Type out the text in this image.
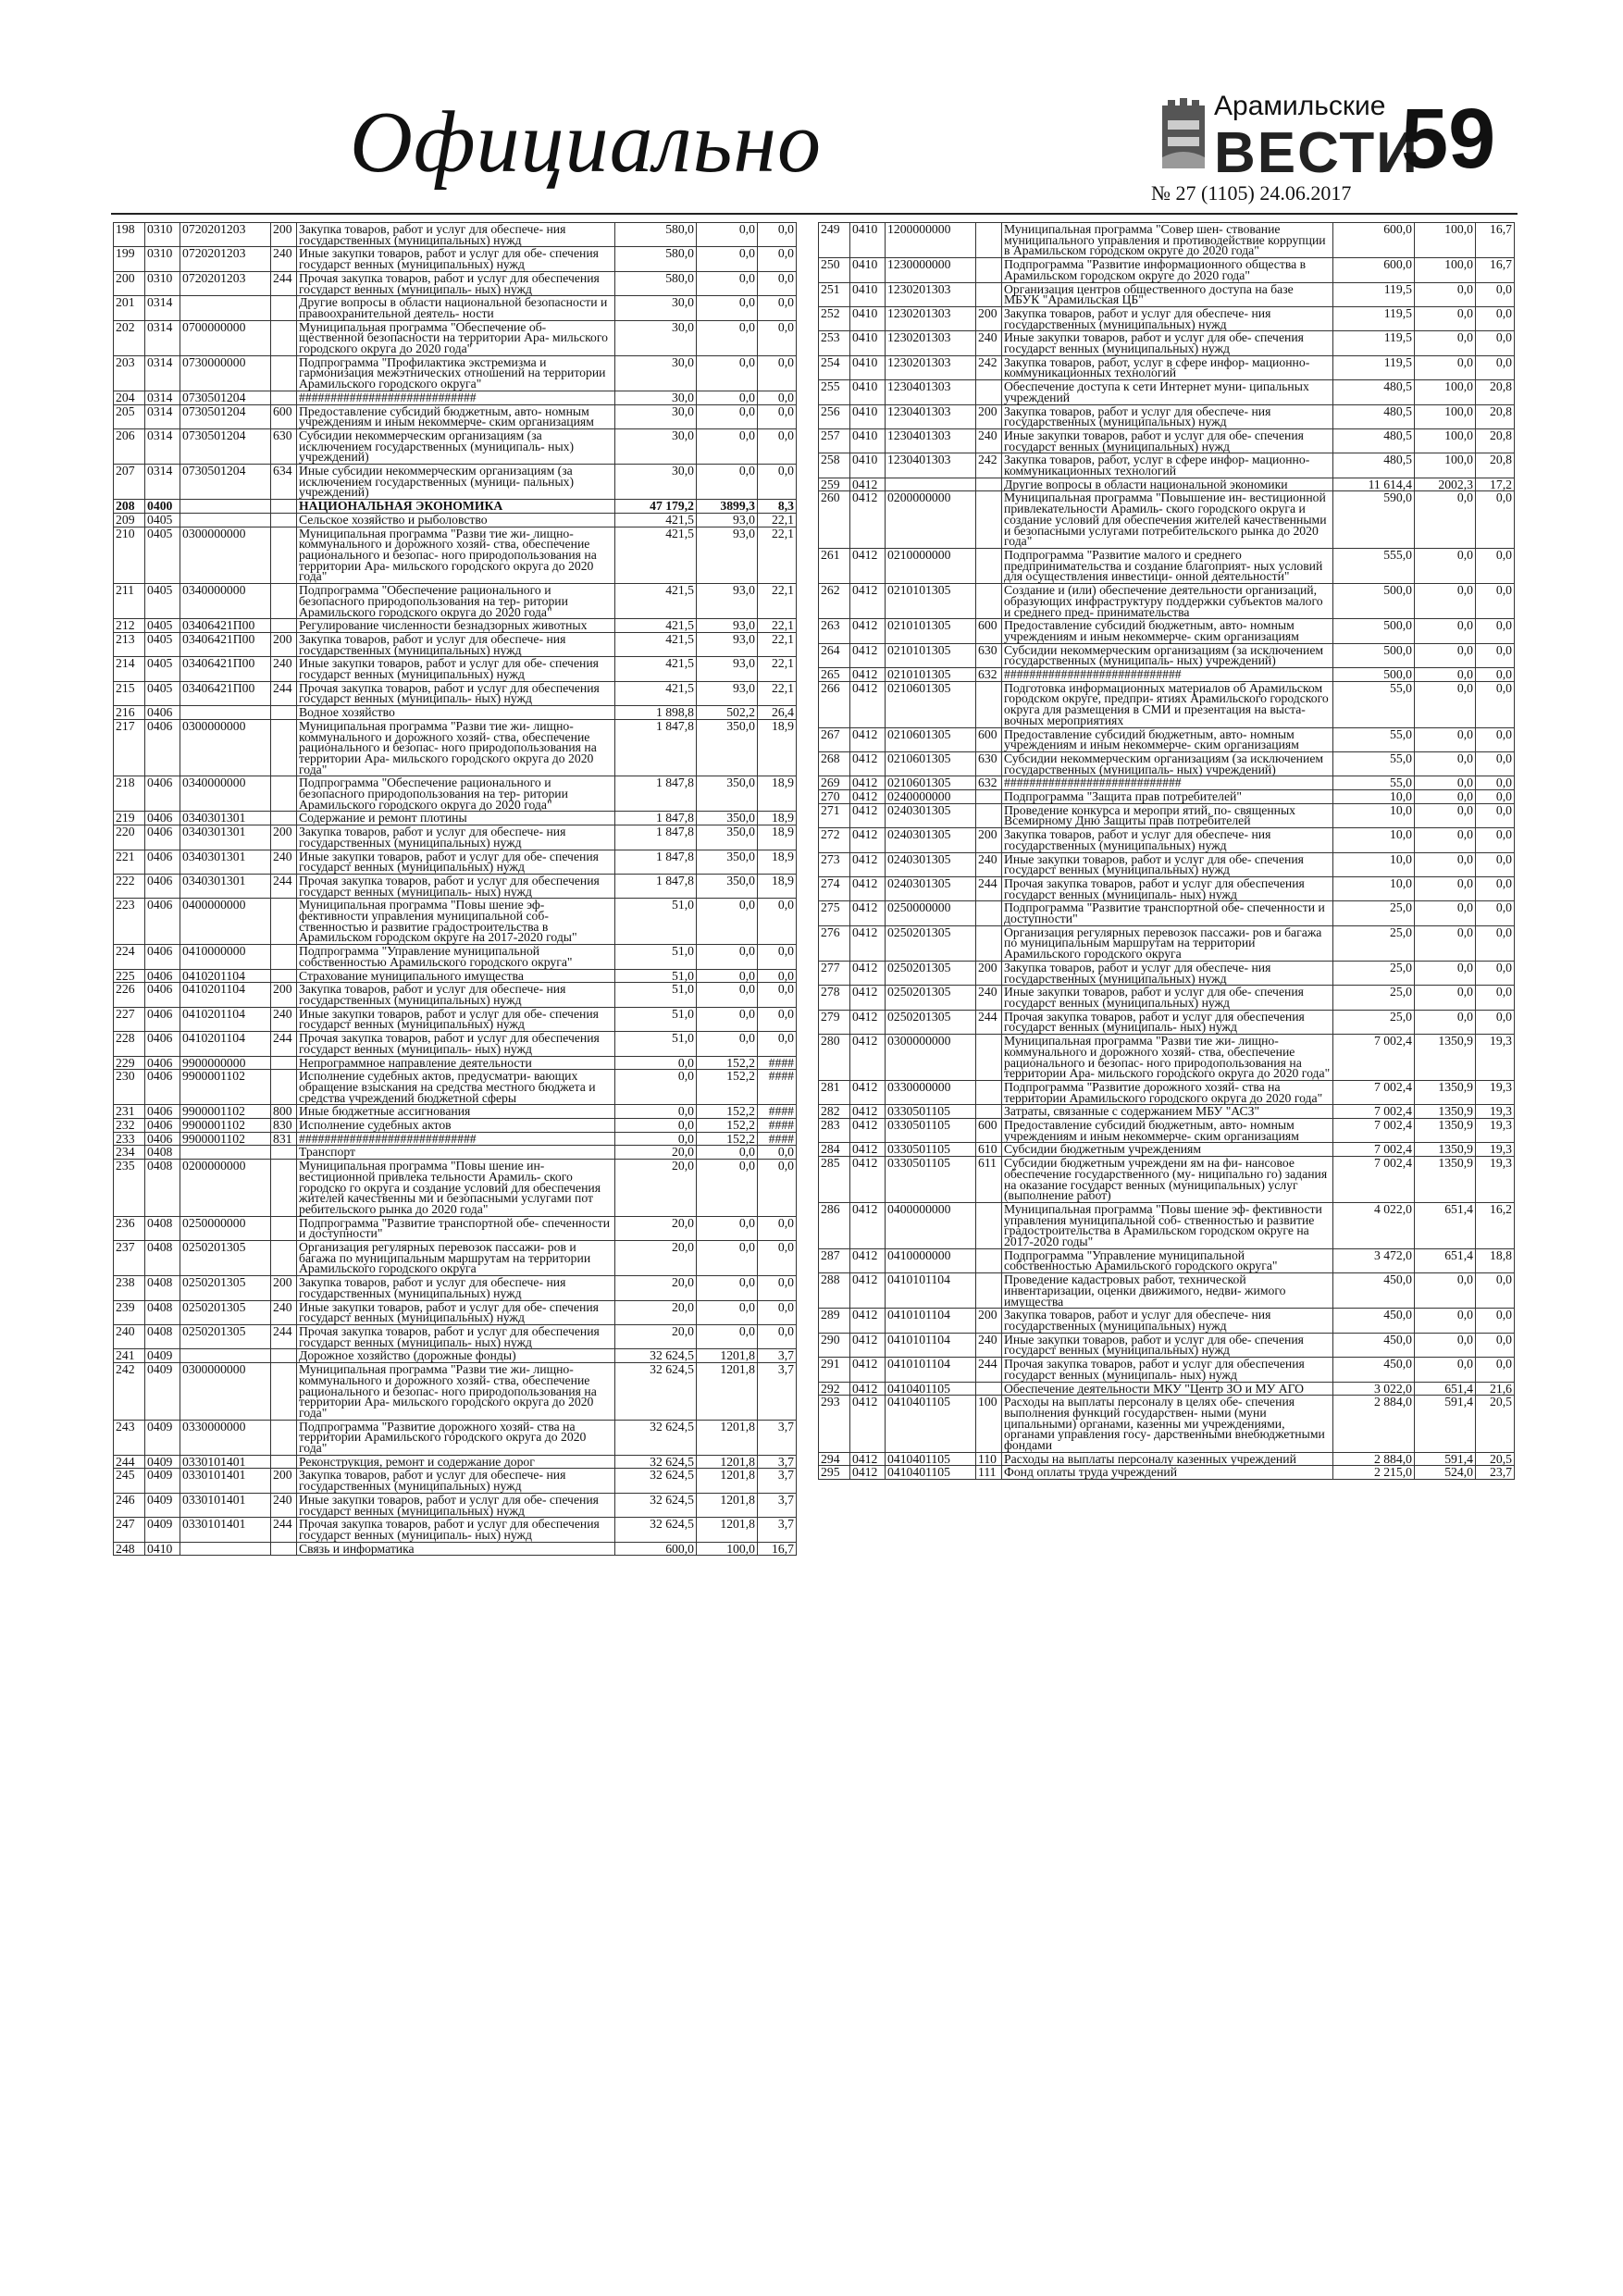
Официально	Арамильские
ВЕСТИ
59
№ 27 (1105) 24.06.2017
198	0310	0720201203	200	Закупка товаров, работ и услуг для обеспече- ния государственных (муниципальных) нужд	580,0	0,0	0,0
199	0310	0720201203	240	Иные закупки товаров, работ и услуг для обе- спечения государст венных (муниципальных) нужд	580,0	0,0	0,0
200	0310	0720201203	244	Прочая закупка товаров, работ и услуг для обеспечения государст венных (муниципаль- ных) нужд	580,0	0,0	0,0
201	0314			Другие вопросы в области национальной безопасности и правоохранительной деятель- ности	30,0	0,0	0,0
202	0314	0700000000		Муниципальная программа "Обеспечение об- щественной безопасности на территории Ара- мильского городского округа до 2020 года"	30,0	0,0	0,0
203	0314	0730000000		Подпрограмма "Профилактика экстремизма и гармонизация межэтнических отношений на территории Арамильского городского округа"	30,0	0,0	0,0
204	0314	0730501204		############################	30,0	0,0	0,0
205	0314	0730501204	600	Предоставление субсидий бюджетным, авто- номным учреждениям и иным некоммерче- ским организациям	30,0	0,0	0,0
206	0314	0730501204	630	Субсидии некоммерческим организациям (за исключением государственных (муниципаль- ных) учреждений)	30,0	0,0	0,0
207	0314	0730501204	634	Иные субсидии некоммерческим организациям (за исключением государственных (муници- пальных) учреждений)	30,0	0,0	0,0
208	0400			НАЦИОНАЛЬНАЯ ЭКОНОМИКА	47 179,2	3899,3	8,3
209	0405			Сельское хозяйство и рыболовство	421,5	93,0	22,1
210	0405	0300000000		Муниципальная программа "Разви тие жи- лищно-коммунального и дорожного хозяй- ства, обеспечение рационального и безопас- ного природопользования на территории Ара- мильского городского округа до 2020 года"	421,5	93,0	22,1
211	0405	0340000000		Подпрограмма "Обеспечение рационального и безопасного природопользования на тер- ритории Арамильского городского округа до 2020 года"	421,5	93,0	22,1
212	0405	03406421П00		Регулирование численности безнадзорных животных	421,5	93,0	22,1
213	0405	03406421П00	200	Закупка товаров, работ и услуг для обеспече- ния государственных (муниципальных) нужд	421,5	93,0	22,1
214	0405	03406421П00	240	Иные закупки товаров, работ и услуг для обе- спечения государст венных (муниципальных) нужд	421,5	93,0	22,1
215	0405	03406421П00	244	Прочая закупка товаров, работ и услуг для обеспечения государст венных (муниципаль- ных) нужд	421,5	93,0	22,1
216	0406			Водное хозяйство	1 898,8	502,2	26,4
217	0406	0300000000		Муниципальная программа "Разви тие жи- лищно-коммунального и дорожного хозяй- ства, обеспечение рационального и безопас- ного природопользования на территории Ара- мильского городского округа до 2020 года"	1 847,8	350,0	18,9
218	0406	0340000000		Подпрограмма "Обеспечение рационального и безопасного природопользования на тер- ритории Арамильского городского округа до 2020 года"	1 847,8	350,0	18,9
219	0406	0340301301		Содержание и ремонт плотины	1 847,8	350,0	18,9
220	0406	0340301301	200	Закупка товаров, работ и услуг для обеспече- ния государственных (муниципальных) нужд	1 847,8	350,0	18,9
221	0406	0340301301	240	Иные закупки товаров, работ и услуг для обе- спечения государст венных (муниципальных) нужд	1 847,8	350,0	18,9
222	0406	0340301301	244	Прочая закупка товаров, работ и услуг для обеспечения государст венных (муниципаль- ных) нужд	1 847,8	350,0	18,9
223	0406	0400000000		Муниципальная программа "Повы шение эф- фективности управления муниципальной соб- ственностью и развитие градостроительства в Арамильском городском округе на 2017-2020 годы"	51,0	0,0	0,0
224	0406	0410000000		Подпрограмма "Управление муниципальной собственностью Арамильского городского округа"	51,0	0,0	0,0
225	0406	0410201104		Страхование муниципального имущества	51,0	0,0	0,0
226	0406	0410201104	200	Закупка товаров, работ и услуг для обеспече- ния государственных (муниципальных) нужд	51,0	0,0	0,0
227	0406	0410201104	240	Иные закупки товаров, работ и услуг для обе- спечения государст венных (муниципальных) нужд	51,0	0,0	0,0
228	0406	0410201104	244	Прочая закупка товаров, работ и услуг для обеспечения государст венных (муниципаль- ных) нужд	51,0	0,0	0,0
229	0406	9900000000		Непрограммное направление деятельности	0,0	152,2	####
230	0406	9900001102		Исполнение судебных актов, предусматри- вающих обращение взыскания на средства местного бюджета и средства учреждений бюджетной сферы	0,0	152,2	####
231	0406	9900001102	800	Иные бюджетные ассигнования	0,0	152,2	####
232	0406	9900001102	830	Исполнение судебных актов	0,0	152,2	####
233	0406	9900001102	831	############################	0,0	152,2	####
234	0408			Транспорт	20,0	0,0	0,0
235	0408	0200000000		Муниципальная программа "Повы шение ин- вестиционной привлека тельности Арамиль- ского городско го округа и создание условий для обеспечения жителей качественны ми и безопасными услугами пот ребительского рынка до 2020 года"	20,0	0,0	0,0
236	0408	0250000000		Подпрограмма "Развитие транспортной обе- спеченности и доступности"	20,0	0,0	0,0
237	0408	0250201305		Организация регулярных перевозок пассажи- ров и багажа по муниципальным маршрутам на территории Арамильского городского округа	20,0	0,0	0,0
238	0408	0250201305	200	Закупка товаров, работ и услуг для обеспече- ния государственных (муниципальных) нужд	20,0	0,0	0,0
239	0408	0250201305	240	Иные закупки товаров, работ и услуг для обе- спечения государст венных (муниципальных) нужд	20,0	0,0	0,0
240	0408	0250201305	244	Прочая закупка товаров, работ и услуг для обеспечения государст венных (муниципаль- ных) нужд	20,0	0,0	0,0
241	0409			Дорожное хозяйство (дорожные фонды)	32 624,5	1201,8	3,7
242	0409	0300000000		Муниципальная программа "Разви тие жи- лищно-коммунального и дорожного хозяй- ства, обеспечение рационального и безопас- ного природопользования на территории Ара- мильского городского округа до 2020 года"	32 624,5	1201,8	3,7
243	0409	0330000000		Подпрограмма "Развитие дорожного хозяй- ства на территории Арамильского городского округа до 2020 года"	32 624,5	1201,8	3,7
244	0409	0330101401		Реконструкция, ремонт и содержание дорог	32 624,5	1201,8	3,7
245	0409	0330101401	200	Закупка товаров, работ и услуг для обеспече- ния государственных (муниципальных) нужд	32 624,5	1201,8	3,7
246	0409	0330101401	240	Иные закупки товаров, работ и услуг для обе- спечения государст венных (муниципальных) нужд	32 624,5	1201,8	3,7
247	0409	0330101401	244	Прочая закупка товаров, работ и услуг для обеспечения государст венных (муниципаль- ных) нужд	32 624,5	1201,8	3,7
248	0410			Связь и информатика	600,0	100,0	16,7
249	0410	1200000000		Муниципальная программа "Совер шен- ствование муниципального управления и противодействие коррупции в Арамильском городском округе до 2020 года"	600,0	100,0	16,7
250	0410	1230000000		Подпрограмма "Развитие информационного общества в Арамильском городском округе до 2020 года"	600,0	100,0	16,7
251	0410	1230201303		Организация центров общественного доступа на базе МБУК "Арамильская ЦБ"	119,5	0,0	0,0
252	0410	1230201303	200	Закупка товаров, работ и услуг для обеспече- ния государственных (муниципальных) нужд	119,5	0,0	0,0
253	0410	1230201303	240	Иные закупки товаров, работ и услуг для обе- спечения государст венных (муниципальных) нужд	119,5	0,0	0,0
254	0410	1230201303	242	Закупка товаров, работ, услуг в сфере инфор- мационно-коммуникационных технологий	119,5	0,0	0,0
255	0410	1230401303		Обеспечение доступа к сети Интернет муни- ципальных учреждений	480,5	100,0	20,8
256	0410	1230401303	200	Закупка товаров, работ и услуг для обеспече- ния государственных (муниципальных) нужд	480,5	100,0	20,8
257	0410	1230401303	240	Иные закупки товаров, работ и услуг для обе- спечения государст венных (муниципальных) нужд	480,5	100,0	20,8
258	0410	1230401303	242	Закупка товаров, работ, услуг в сфере инфор- мационно-коммуникационных технологий	480,5	100,0	20,8
259	0412			Другие вопросы в области национальной экономики	11 614,4	2002,3	17,2
260	0412	0200000000		Муниципальная программа "Повышение ин- вестиционной привлекательности Арамиль- ского городского округа и создание условий для обеспечения жителей качественными и безопасными услугами потребительского рынка до 2020 года"	590,0	0,0	0,0
261	0412	0210000000		Подпрограмма "Развитие малого и среднего предпринимательства и создание благоприят- ных условий для осуществления инвестици- онной деятельности"	555,0	0,0	0,0
262	0412	0210101305		Создание и (или) обеспечение деятельности организаций, образующих инфраструктуру поддержки субъектов малого и среднего пред- принимательства	500,0	0,0	0,0
263	0412	0210101305	600	Предоставление субсидий бюджетным, авто- номным учреждениям и иным некоммерче- ским организациям	500,0	0,0	0,0
264	0412	0210101305	630	Субсидии некоммерческим организациям (за исключением государственных (муниципаль- ных) учреждений)	500,0	0,0	0,0
265	0412	0210101305	632	############################	500,0	0,0	0,0
266	0412	0210601305		Подготовка информационных материалов об Арамильском городском округе, предпри- ятиях Арамильского городского округа для размещения в СМИ и презентация на выста- вочных мероприятиях	55,0	0,0	0,0
267	0412	0210601305	600	Предоставление субсидий бюджетным, авто- номным учреждениям и иным некоммерче- ским организациям	55,0	0,0	0,0
268	0412	0210601305	630	Субсидии некоммерческим организациям (за исключением государственных (муниципаль- ных) учреждений)	55,0	0,0	0,0
269	0412	0210601305	632	############################	55,0	0,0	0,0
270	0412	0240000000		Подпрограмма "Защита прав потребителей"	10,0	0,0	0,0
271	0412	0240301305		Проведение конкурса и меропри ятий, по- священных Всемирному Дню Защиты прав потребителей	10,0	0,0	0,0
272	0412	0240301305	200	Закупка товаров, работ и услуг для обеспече- ния государственных (муниципальных) нужд	10,0	0,0	0,0
273	0412	0240301305	240	Иные закупки товаров, работ и услуг для обе- спечения государст венных (муниципальных) нужд	10,0	0,0	0,0
274	0412	0240301305	244	Прочая закупка товаров, работ и услуг для обеспечения государст венных (муниципаль- ных) нужд	10,0	0,0	0,0
275	0412	0250000000		Подпрограмма "Развитие транспортной обе- спеченности и доступности"	25,0	0,0	0,0
276	0412	0250201305		Организация регулярных перевозок пассажи- ров и багажа по муниципальным маршрутам на территории Арамильского городского округа	25,0	0,0	0,0
277	0412	0250201305	200	Закупка товаров, работ и услуг для обеспече- ния государственных (муниципальных) нужд	25,0	0,0	0,0
278	0412	0250201305	240	Иные закупки товаров, работ и услуг для обе- спечения государст венных (муниципальных) нужд	25,0	0,0	0,0
279	0412	0250201305	244	Прочая закупка товаров, работ и услуг для обеспечения государст венных (муниципаль- ных) нужд	25,0	0,0	0,0
280	0412	0300000000		Муниципальная программа "Разви тие жи- лищно-коммунального и дорожного хозяй- ства, обеспечение рационального и безопас- ного природопользования на территории Ара- мильского городского округа до 2020 года"	7 002,4	1350,9	19,3
281	0412	0330000000		Подпрограмма "Развитие дорожного хозяй- ства на территории Арамильского городского округа до 2020 года"	7 002,4	1350,9	19,3
282	0412	0330501105		Затраты, связанные с содержанием МБУ "АСЗ"	7 002,4	1350,9	19,3
283	0412	0330501105	600	Предоставление субсидий бюджетным, авто- номным учреждениям и иным некоммерче- ским организациям	7 002,4	1350,9	19,3
284	0412	0330501105	610	Субсидии бюджетным учреждениям	7 002,4	1350,9	19,3
285	0412	0330501105	611	Субсидии бюджетным учреждени ям на фи- нансовое обеспечение государственного (му- ниципально го) задания на оказание государст венных (муниципальных) услуг (выполнение работ)	7 002,4	1350,9	19,3
286	0412	0400000000		Муниципальная программа "Повы шение эф- фективности управления муниципальной соб- ственностью и развитие градостроительства в Арамильском городском округе на 2017-2020 годы"	4 022,0	651,4	16,2
287	0412	0410000000		Подпрограмма "Управление муниципальной собственностью Арамильского городского округа"	3 472,0	651,4	18,8
288	0412	0410101104		Проведение кадастровых работ, технической инвентаризации, оценки движимого, недви- жимого имущества	450,0	0,0	0,0
289	0412	0410101104	200	Закупка товаров, работ и услуг для обеспече- ния государственных (муниципальных) нужд	450,0	0,0	0,0
290	0412	0410101104	240	Иные закупки товаров, работ и услуг для обе- спечения государст венных (муниципальных) нужд	450,0	0,0	0,0
291	0412	0410101104	244	Прочая закупка товаров, работ и услуг для обеспечения государст венных (муниципаль- ных) нужд	450,0	0,0	0,0
292	0412	0410401105		Обеспечение деятельности МКУ "Центр ЗО и МУ АГО	3 022,0	651,4	21,6
293	0412	0410401105	100	Расходы на выплаты персоналу в целях обе- спечения выполнения функций государствен- ными (муни ципальными) органами, казенны ми учреждениями, органами управления госу- дарственными внебюджетными фондами	2 884,0	591,4	20,5
294	0412	0410401105	110	Расходы на выплаты персоналу казенных учреждений	2 884,0	591,4	20,5
295	0412	0410401105	111	Фонд оплаты труда учреждений	2 215,0	524,0	23,7
